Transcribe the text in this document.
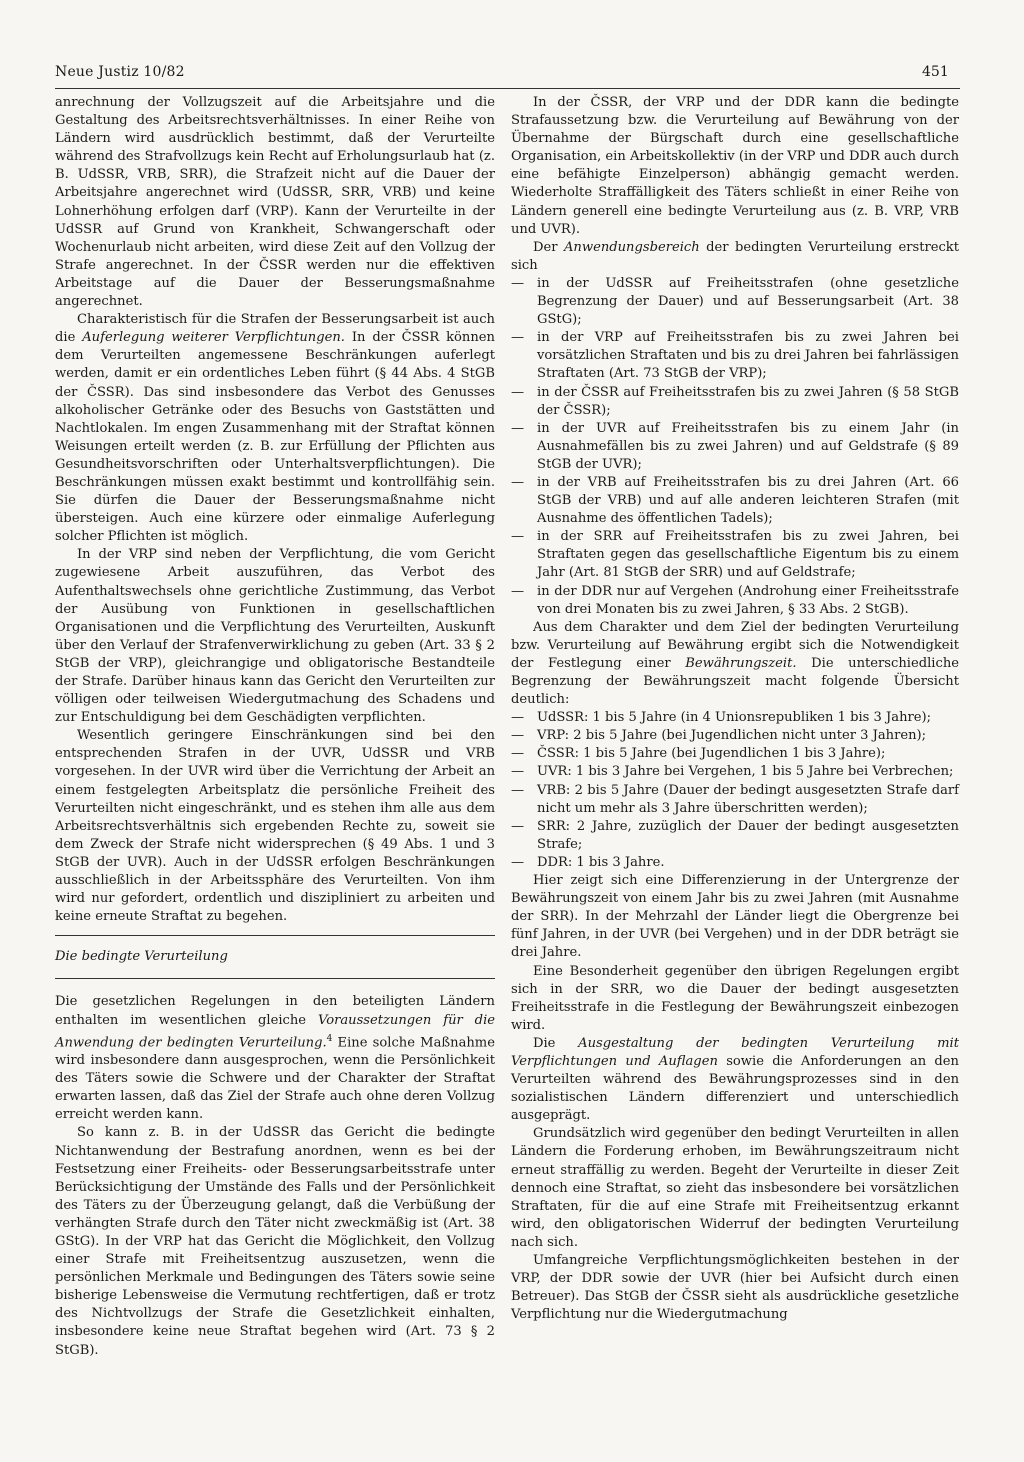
Neue Justiz 10/82	451

anrechnung der Vollzugszeit auf die Arbeitsjahre und die Gestaltung des Arbeitsrechtsverhältnisses. In einer Reihe von Ländern wird ausdrücklich bestimmt, daß der Verurteilte während des Strafvollzugs kein Recht auf Erholungsurlaub hat (z. B. UdSSR, VRB, SRR), die Strafzeit nicht auf die Dauer der Arbeitsjahre angerechnet wird (UdSSR, SRR, VRB) und keine Lohnerhöhung erfolgen darf (VRP). Kann der Verurteilte in der UdSSR auf Grund von Krankheit, Schwangerschaft oder Wochenurlaub nicht arbeiten, wird diese Zeit auf den Vollzug der Strafe angerechnet. In der ČSSR werden nur die effektiven Arbeitstage auf die Dauer der Besserungsmaßnahme angerechnet.

Charakteristisch für die Strafen der Besserungsarbeit ist auch die Auferlegung weiterer Verpflichtungen. In der ČSSR können dem Verurteilten angemessene Beschränkungen auferlegt werden, damit er ein ordentliches Leben führt (§ 44 Abs. 4 StGB der ČSSR). Das sind insbesondere das Verbot des Genusses alkoholischer Getränke oder des Besuchs von Gaststätten und Nachtlokalen. Im engen Zusammenhang mit der Straftat können Weisungen erteilt werden (z. B. zur Erfüllung der Pflichten aus Gesundheitsvorschriften oder Unterhaltsverpflichtungen). Die Beschränkungen müssen exakt bestimmt und kontrollfähig sein. Sie dürfen die Dauer der Besserungsmaßnahme nicht übersteigen. Auch eine kürzere oder einmalige Auferlegung solcher Pflichten ist möglich.

In der VRP sind neben der Verpflichtung, die vom Gericht zugewiesene Arbeit auszuführen, das Verbot des Aufenthaltswechsels ohne gerichtliche Zustimmung, das Verbot der Ausübung von Funktionen in gesellschaftlichen Organisationen und die Verpflichtung des Verurteilten, Auskunft über den Verlauf der Strafenverwirklichung zu geben (Art. 33 § 2 StGB der VRP), gleichrangige und obligatorische Bestandteile der Strafe. Darüber hinaus kann das Gericht den Verurteilten zur völligen oder teilweisen Wiedergutmachung des Schadens und zur Entschuldigung bei dem Geschädigten verpflichten.

Wesentlich geringere Einschränkungen sind bei den entsprechenden Strafen in der UVR, UdSSR und VRB vorgesehen. In der UVR wird über die Verrichtung der Arbeit an einem festgelegten Arbeitsplatz die persönliche Freiheit des Verurteilten nicht eingeschränkt, und es stehen ihm alle aus dem Arbeitsrechtsverhältnis sich ergebenden Rechte zu, soweit sie dem Zweck der Strafe nicht widersprechen (§ 49 Abs. 1 und 3 StGB der UVR). Auch in der UdSSR erfolgen Beschränkungen ausschließlich in der Arbeitssphäre des Verurteilten. Von ihm wird nur gefordert, ordentlich und diszipliniert zu arbeiten und keine erneute Straftat zu begehen.

Die bedingte Verurteilung

Die gesetzlichen Regelungen in den beteiligten Ländern enthalten im wesentlichen gleiche Voraussetzungen für die Anwendung der bedingten Verurteilung.$^4$ Eine solche Maßnahme wird insbesondere dann ausgesprochen, wenn die Persönlichkeit des Täters sowie die Schwere und der Charakter der Straftat erwarten lassen, daß das Ziel der Strafe auch ohne deren Vollzug erreicht werden kann.

So kann z. B. in der UdSSR das Gericht die bedingte Nichtanwendung der Bestrafung anordnen, wenn es bei der Festsetzung einer Freiheits- oder Besserungsarbeitsstrafe unter Berücksichtigung der Umstände des Falls und der Persönlichkeit des Täters zu der Überzeugung gelangt, daß die Verbüßung der verhängten Strafe durch den Täter nicht zweckmäßig ist (Art. 38 GStG). In der VRP hat das Gericht die Möglichkeit, den Vollzug einer Strafe mit Freiheitsentzug auszusetzen, wenn die persönlichen Merkmale und Bedingungen des Täters sowie seine bisherige Lebensweise die Vermutung rechtfertigen, daß er trotz des Nichtvollzugs der Strafe die Gesetzlichkeit einhalten, insbesondere keine neue Straftat begehen wird (Art. 73 § 2 StGB).

In der ČSSR, der VRP und der DDR kann die bedingte Strafaussetzung bzw. die Verurteilung auf Bewährung von der Übernahme der Bürgschaft durch eine gesellschaftliche Organisation, ein Arbeitskollektiv (in der VRP und DDR auch durch eine befähigte Einzelperson) abhängig gemacht werden. Wiederholte Straffälligkeit des Täters schließt in einer Reihe von Ländern generell eine bedingte Verurteilung aus (z. B. VRP, VRB und UVR).

Der Anwendungsbereich der bedingten Verurteilung erstreckt sich

— in der UdSSR auf Freiheitsstrafen (ohne gesetzliche Begrenzung der Dauer) und auf Besserungsarbeit (Art. 38 GStG);
— in der VRP auf Freiheitsstrafen bis zu zwei Jahren bei vorsätzlichen Straftaten und bis zu drei Jahren bei fahrlässigen Straftaten (Art. 73 StGB der VRP);
— in der ČSSR auf Freiheitsstrafen bis zu zwei Jahren (§ 58 StGB der ČSSR);
— in der UVR auf Freiheitsstrafen bis zu einem Jahr (in Ausnahmefällen bis zu zwei Jahren) und auf Geldstrafe (§ 89 StGB der UVR);
— in der VRB auf Freiheitsstrafen bis zu drei Jahren (Art. 66 StGB der VRB) und auf alle anderen leichteren Strafen (mit Ausnahme des öffentlichen Tadels);
— in der SRR auf Freiheitsstrafen bis zu zwei Jahren, bei Straftaten gegen das gesellschaftliche Eigentum bis zu einem Jahr (Art. 81 StGB der SRR) und auf Geldstrafe;
— in der DDR nur auf Vergehen (Androhung einer Freiheitsstrafe von drei Monaten bis zu zwei Jahren, § 33 Abs. 2 StGB).

Aus dem Charakter und dem Ziel der bedingten Verurteilung bzw. Verurteilung auf Bewährung ergibt sich die Notwendigkeit der Festlegung einer Bewährungszeit. Die unterschiedliche Begrenzung der Bewährungszeit macht folgende Übersicht deutlich:

— UdSSR: 1 bis 5 Jahre (in 4 Unionsrepubliken 1 bis 3 Jahre);
— VRP: 2 bis 5 Jahre (bei Jugendlichen nicht unter 3 Jahren);
— ČSSR: 1 bis 5 Jahre (bei Jugendlichen 1 bis 3 Jahre);
— UVR: 1 bis 3 Jahre bei Vergehen, 1 bis 5 Jahre bei Verbrechen;
— VRB: 2 bis 5 Jahre (Dauer der bedingt ausgesetzten Strafe darf nicht um mehr als 3 Jahre überschritten werden);
— SRR: 2 Jahre, zuzüglich der Dauer der bedingt ausgesetzten Strafe;
— DDR: 1 bis 3 Jahre.

Hier zeigt sich eine Differenzierung in der Untergrenze der Bewährungszeit von einem Jahr bis zu zwei Jahren (mit Ausnahme der SRR). In der Mehrzahl der Länder liegt die Obergrenze bei fünf Jahren, in der UVR (bei Vergehen) und in der DDR beträgt sie drei Jahre.

Eine Besonderheit gegenüber den übrigen Regelungen ergibt sich in der SRR, wo die Dauer der bedingt ausgesetzten Freiheitsstrafe in die Festlegung der Bewährungszeit einbezogen wird.

Die Ausgestaltung der bedingten Verurteilung mit Verpflichtungen und Auflagen sowie die Anforderungen an den Verurteilten während des Bewährungsprozesses sind in den sozialistischen Ländern differenziert und unterschiedlich ausgeprägt.

Grundsätzlich wird gegenüber den bedingt Verurteilten in allen Ländern die Forderung erhoben, im Bewährungszeitraum nicht erneut straffällig zu werden. Begeht der Verurteilte in dieser Zeit dennoch eine Straftat, so zieht das insbesondere bei vorsätzlichen Straftaten, für die auf eine Strafe mit Freiheitsentzug erkannt wird, den obligatorischen Widerruf der bedingten Verurteilung nach sich.

Umfangreiche Verpflichtungsmöglichkeiten bestehen in der VRP, der DDR sowie der UVR (hier bei Aufsicht durch einen Betreuer). Das StGB der ČSSR sieht als ausdrückliche gesetzliche Verpflichtung nur die Wiedergutmachung
